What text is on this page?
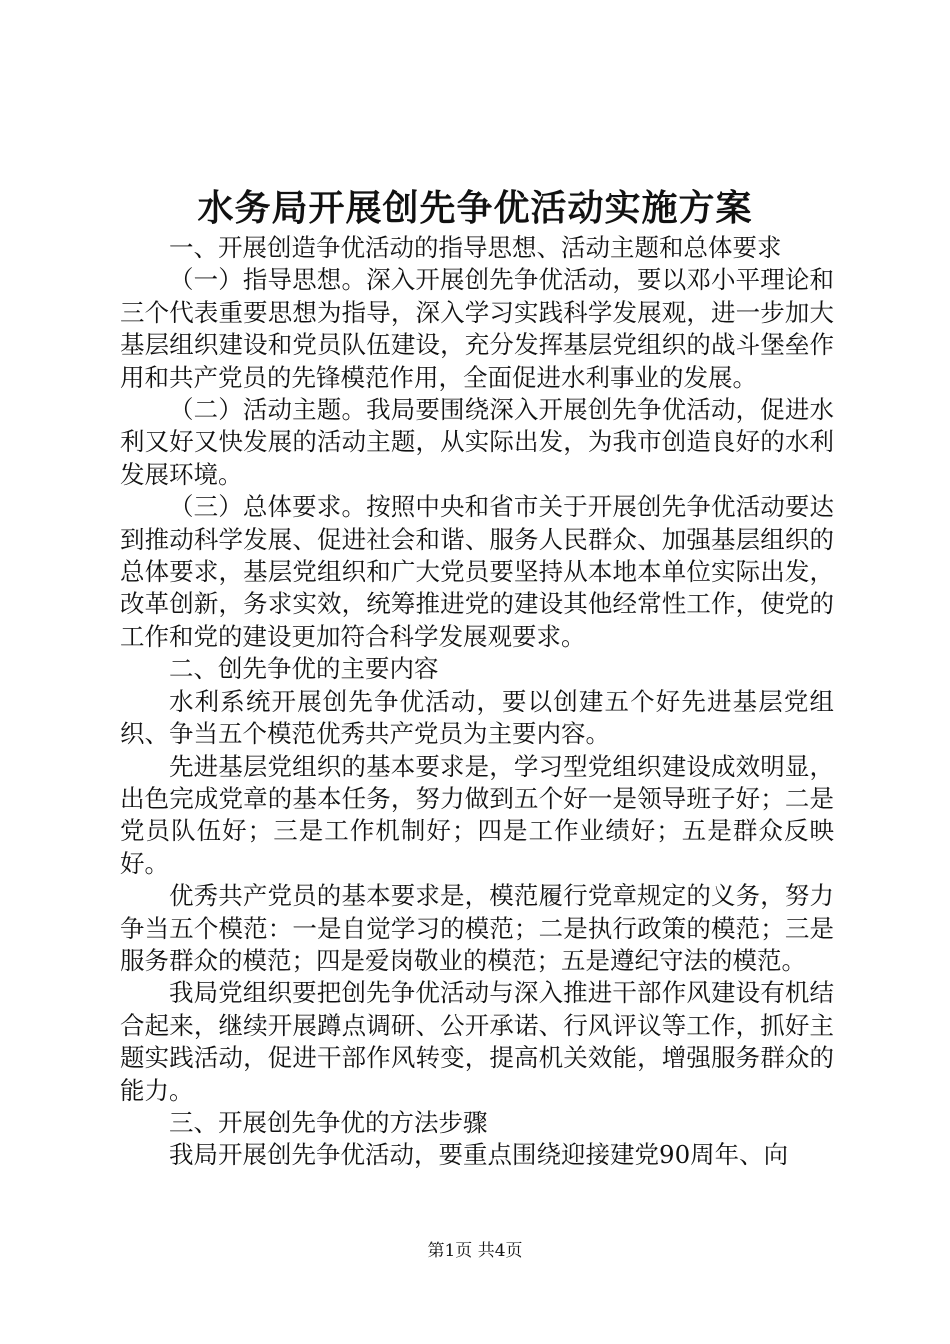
水务局开展创先争优活动实施方案

一、开展创造争优活动的指导思想、活动主题和总体要求

（一）指导思想。深入开展创先争优活动，要以邓小平理论和三个代表重要思想为指导，深入学习实践科学发展观，进一步加大基层组织建设和党员队伍建设，充分发挥基层党组织的战斗堡垒作用和共产党员的先锋模范作用，全面促进水利事业的发展。

（二）活动主题。我局要围绕深入开展创先争优活动，促进水利又好又快发展的活动主题，从实际出发，为我市创造良好的水利发展环境。

（三）总体要求。按照中央和省市关于开展创先争优活动要达到推动科学发展、促进社会和谐、服务人民群众、加强基层组织的总体要求，基层党组织和广大党员要坚持从本地本单位实际出发，改革创新，务求实效，统筹推进党的建设其他经常性工作，使党的工作和党的建设更加符合科学发展观要求。

二、创先争优的主要内容

水利系统开展创先争优活动，要以创建五个好先进基层党组织、争当五个模范优秀共产党员为主要内容。

先进基层党组织的基本要求是，学习型党组织建设成效明显，出色完成党章的基本任务，努力做到五个好一是领导班子好；二是党员队伍好；三是工作机制好；四是工作业绩好；五是群众反映好。

优秀共产党员的基本要求是，模范履行党章规定的义务，努力争当五个模范：一是自觉学习的模范；二是执行政策的模范；三是服务群众的模范；四是爱岗敬业的模范；五是遵纪守法的模范。

我局党组织要把创先争优活动与深入推进干部作风建设有机结合起来，继续开展蹲点调研、公开承诺、行风评议等工作，抓好主题实践活动，促进干部作风转变，提高机关效能，增强服务群众的能力。

三、开展创先争优的方法步骤

我局开展创先争优活动，要重点围绕迎接建党90周年、向

第1页 共4页
